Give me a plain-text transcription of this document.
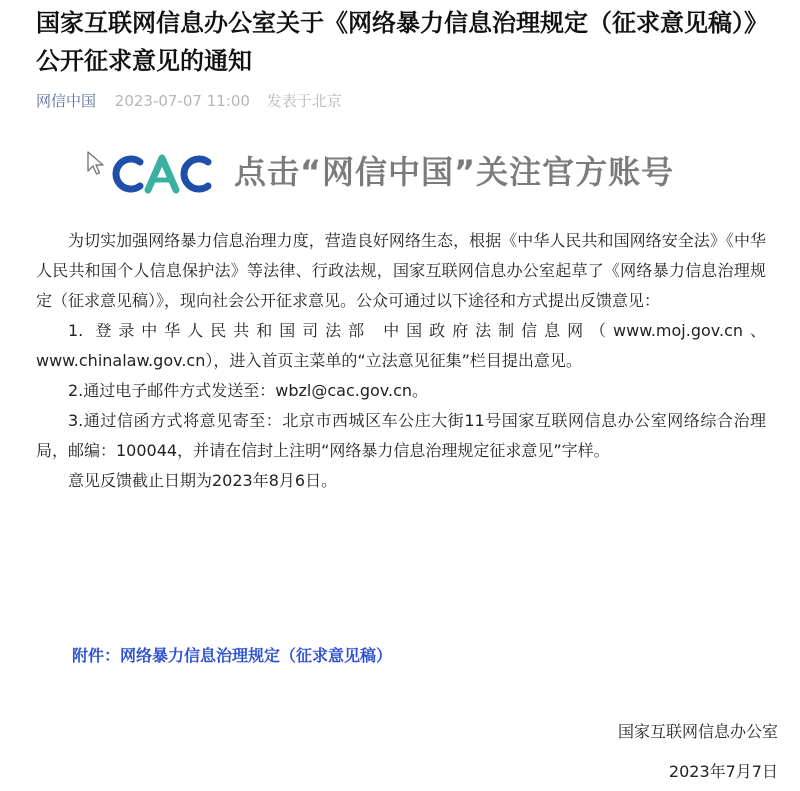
国家互联网信息办公室关于《网络暴力信息治理规定（征求意见稿）》公开征求意见的通知
网信中国 2023-07-07 11:00 发表于北京
点击“网信中国”关注官方账号

为切实加强网络暴力信息治理力度，营造良好网络生态，根据《中华人民共和国网络安全法》《中华人民共和国个人信息保护法》等法律、行政法规，国家互联网信息办公室起草了《网络暴力信息治理规定（征求意见稿）》，现向社会公开征求意见。公众可通过以下途径和方式提出反馈意见：

1. 登录中华人民共和国司法部 中国政府法制信息网（www.moj.gov.cn、www.chinalaw.gov.cn），进入首页主菜单的“立法意见征集”栏目提出意见。

2.通过电子邮件方式发送至：wbzl@cac.gov.cn。

3.通过信函方式将意见寄至：北京市西城区车公庄大街11号国家互联网信息办公室网络综合治理局，邮编：100044，并请在信封上注明“网络暴力信息治理规定征求意见”字样。

意见反馈截止日期为2023年8月6日。

附件：网络暴力信息治理规定（征求意见稿）
国家互联网信息办公室
2023年7月7日
